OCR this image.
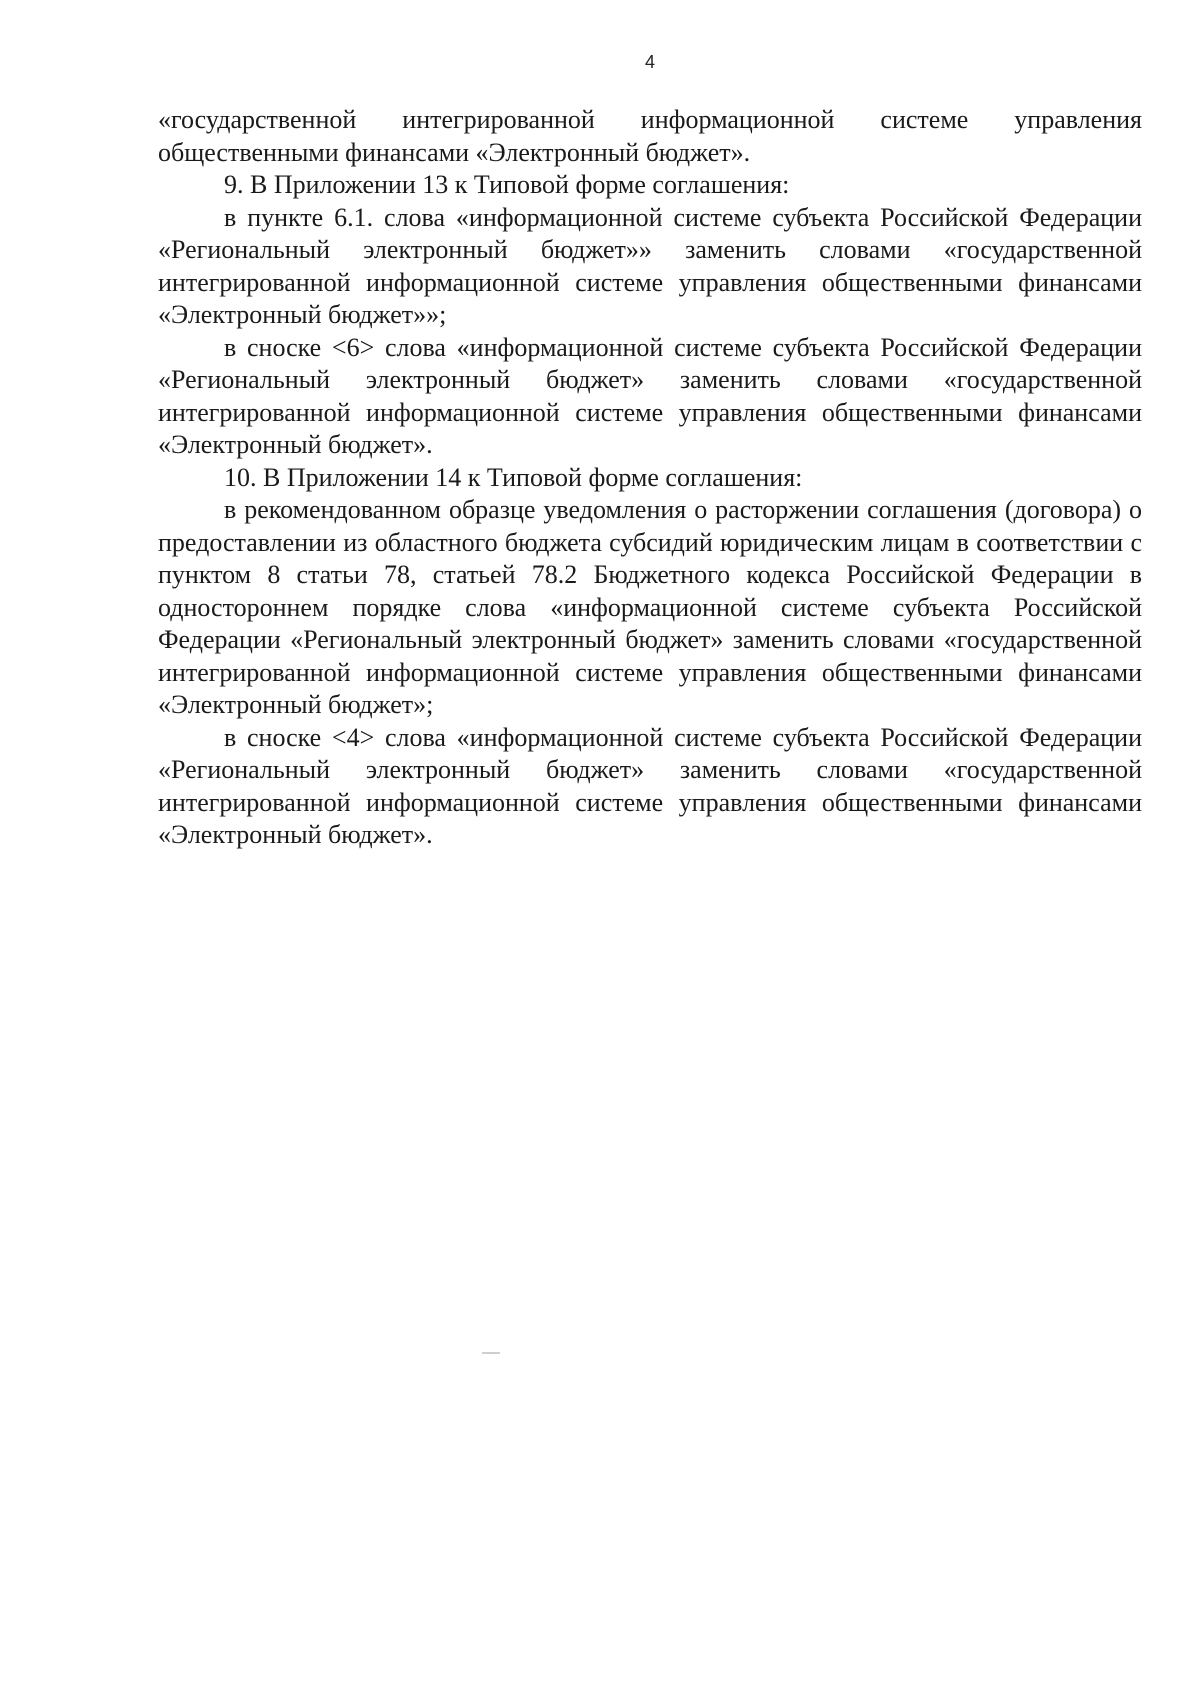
4

«государственной интегрированной информационной системе управления общественными финансами «Электронный бюджет».

9. В Приложении 13 к Типовой форме соглашения:

в пункте 6.1. слова «информационной системе субъекта Российской Федерации «Региональный электронный бюджет»» заменить словами «государственной интегрированной информационной системе управления общественными финансами «Электронный бюджет»»;

в сноске <6> слова «информационной системе субъекта Российской Федерации «Региональный электронный бюджет» заменить словами «государственной интегрированной информационной системе управления общественными финансами «Электронный бюджет».

10. В Приложении 14 к Типовой форме соглашения:

в рекомендованном образце уведомления о расторжении соглашения (договора) о предоставлении из областного бюджета субсидий юридическим лицам в соответствии с пунктом 8 статьи 78, статьей 78.2 Бюджетного кодекса Российской Федерации в одностороннем порядке слова «информационной системе субъекта Российской Федерации «Региональный электронный бюджет» заменить словами «государственной интегрированной информационной системе управления общественными финансами «Электронный бюджет»;

в сноске <4> слова «информационной системе субъекта Российской Федерации «Региональный электронный бюджет» заменить словами «государственной интегрированной информационной системе управления общественными финансами «Электронный бюджет».
